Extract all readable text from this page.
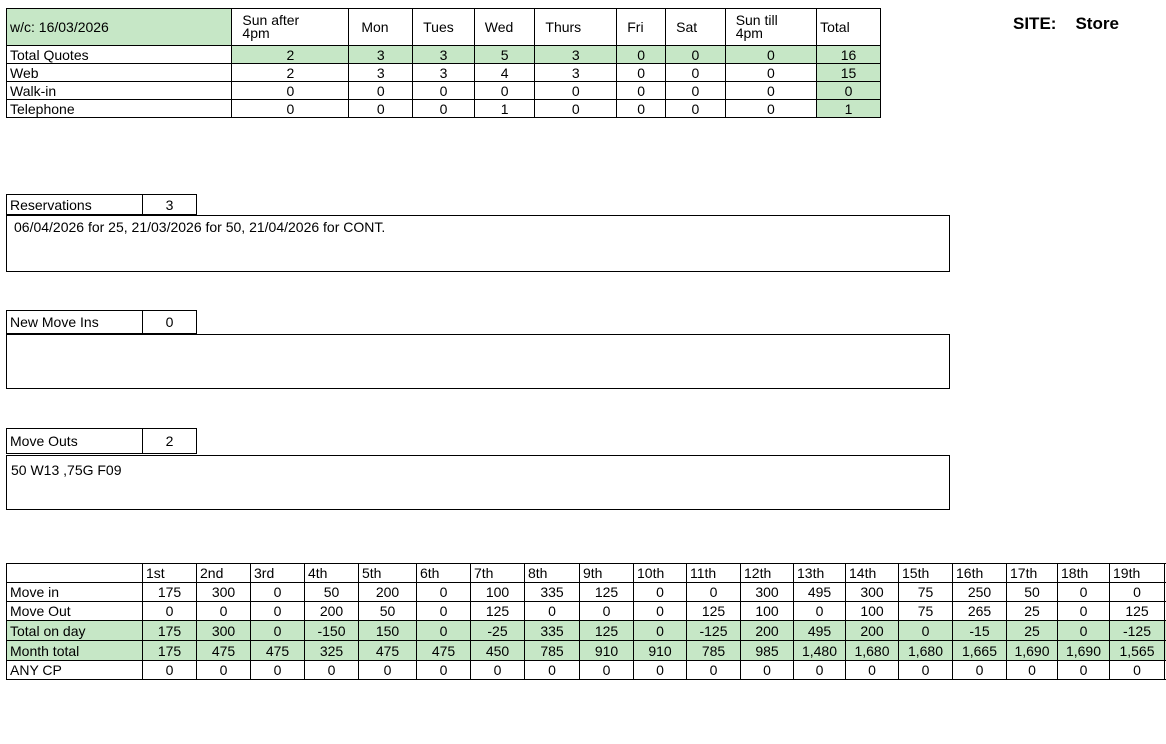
SITE: Store
w/c: 16/03/2026	Sun after
4pm	Mon	Tues	Wed	Thurs	Fri	Sat	Sun till
4pm	Total
Total Quotes	2	3	3	5	3	0	0	0	16
Web	2	3	3	4	3	0	0	0	15
Walk-in	0	0	0	0	0	0	0	0	0
Telephone	0	0	0	1	0	0	0	0	1
Reservations	3
06/04/2026 for 25, 21/03/2026 for 50, 21/04/2026 for CONT.
New Move Ins	0
Move Outs	2
50 W13 ,75G F09
	1st	2nd	3rd	4th	5th	6th	7th	8th	9th	10th	11th	12th	13th	14th	15th	16th	17th	18th	19th	
Move in	175	300	0	50	200	0	100	335	125	0	0	300	495	300	75	250	50	0	0	
Move Out	0	0	0	200	50	0	125	0	0	0	125	100	0	100	75	265	25	0	125	
Total on day	175	300	0	-150	150	0	-25	335	125	0	-125	200	495	200	0	-15	25	0	-125	
Month total	175	475	475	325	475	475	450	785	910	910	785	985	1,480	1,680	1,680	1,665	1,690	1,690	1,565	
ANY CP	0	0	0	0	0	0	0	0	0	0	0	0	0	0	0	0	0	0	0	
